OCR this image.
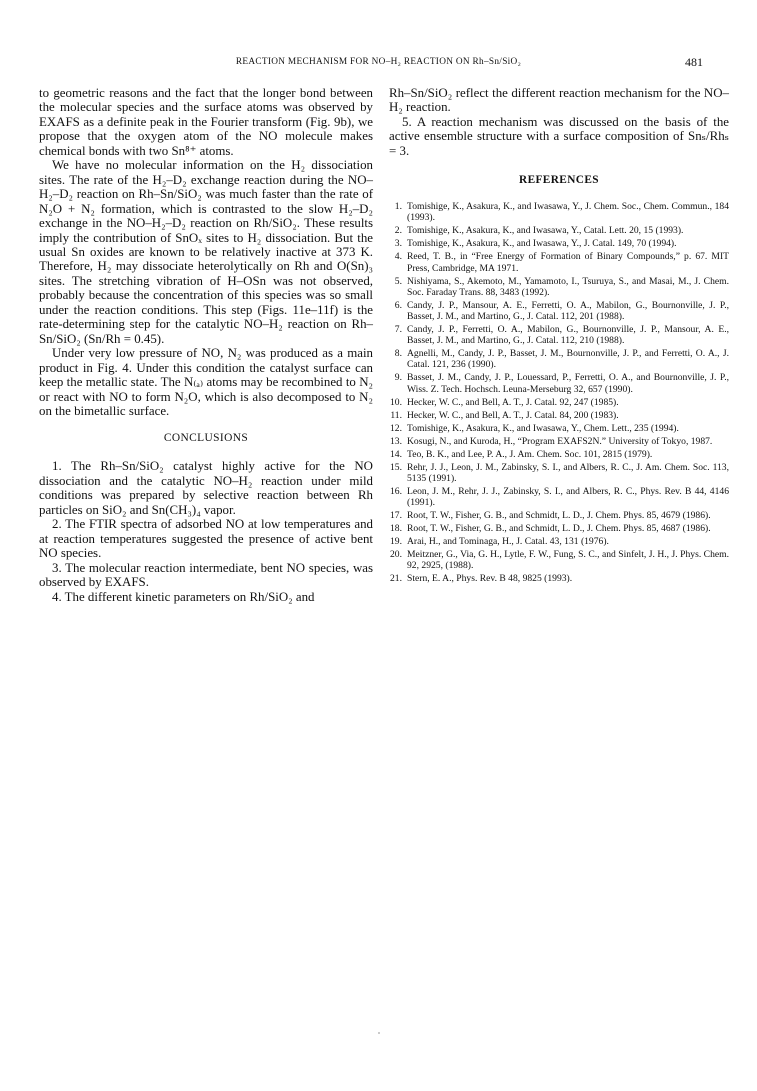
REACTION MECHANISM FOR NO–H₂ REACTION ON Rh–Sn/SiO₂	481

to geometric reasons and the fact that the longer bond between the molecular species and the surface atoms was observed by EXAFS as a definite peak in the Fourier transform (Fig. 9b), we propose that the oxygen atom of the NO molecule makes chemical bonds with two Sn⁸⁺ atoms.

We have no molecular information on the H₂ dissociation sites. The rate of the H₂–D₂ exchange reaction during the NO–H₂–D₂ reaction on Rh–Sn/SiO₂ was much faster than the rate of N₂O + N₂ formation, which is contrasted to the slow H₂–D₂ exchange in the NO–H₂–D₂ reaction on Rh/SiO₂. These results imply the contribution of SnOₓ sites to H₂ dissociation. But the usual Sn oxides are known to be relatively inactive at 373 K. Therefore, H₂ may dissociate heterolytically on Rh and O(Sn)₃ sites. The stretching vibration of H–OSn was not observed, probably because the concentration of this species was so small under the reaction conditions. This step (Figs. 11e–11f) is the rate-determining step for the catalytic NO–H₂ reaction on Rh–Sn/SiO₂ (Sn/Rh = 0.45).

Under very low pressure of NO, N₂ was produced as a main product in Fig. 4. Under this condition the catalyst surface can keep the metallic state. The N₍ₐ₎ atoms may be recombined to N₂ or react with NO to form N₂O, which is also decomposed to N₂ on the bimetallic surface.

CONCLUSIONS

1. The Rh–Sn/SiO₂ catalyst highly active for the NO dissociation and the catalytic NO–H₂ reaction under mild conditions was prepared by selective reaction between Rh particles on SiO₂ and Sn(CH₃)₄ vapor.

2. The FTIR spectra of adsorbed NO at low temperatures and at reaction temperatures suggested the presence of active bent NO species.

3. The molecular reaction intermediate, bent NO species, was observed by EXAFS.

4. The different kinetic parameters on Rh/SiO₂ and

Rh–Sn/SiO₂ reflect the different reaction mechanism for the NO–H₂ reaction.

5. A reaction mechanism was discussed on the basis of the active ensemble structure with a surface composition of Snₛ/Rhₛ = 3.

REFERENCES
1. Tomishige, K., Asakura, K., and Iwasawa, Y., J. Chem. Soc., Chem. Commun., 184 (1993).
2. Tomishige, K., Asakura, K., and Iwasawa, Y., Catal. Lett. 20, 15 (1993).
3. Tomishige, K., Asakura, K., and Iwasawa, Y., J. Catal. 149, 70 (1994).
4. Reed, T. B., in “Free Energy of Formation of Binary Compounds,” p. 67. MIT Press, Cambridge, MA 1971.
5. Nishiyama, S., Akemoto, M., Yamamoto, I., Tsuruya, S., and Masai, M., J. Chem. Soc. Faraday Trans. 88, 3483 (1992).
6. Candy, J. P., Mansour, A. E., Ferretti, O. A., Mabilon, G., Bournonville, J. P., Basset, J. M., and Martino, G., J. Catal. 112, 201 (1988).
7. Candy, J. P., Ferretti, O. A., Mabilon, G., Bournonville, J. P., Mansour, A. E., Basset, J. M., and Martino, G., J. Catal. 112, 210 (1988).
8. Agnelli, M., Candy, J. P., Basset, J. M., Bournonville, J. P., and Ferretti, O. A., J. Catal. 121, 236 (1990).
9. Basset, J. M., Candy, J. P., Louessard, P., Ferretti, O. A., and Bournonville, J. P., Wiss. Z. Tech. Hochsch. Leuna-Merseburg 32, 657 (1990).
10. Hecker, W. C., and Bell, A. T., J. Catal. 92, 247 (1985).
11. Hecker, W. C., and Bell, A. T., J. Catal. 84, 200 (1983).
12. Tomishige, K., Asakura, K., and Iwasawa, Y., Chem. Lett., 235 (1994).
13. Kosugi, N., and Kuroda, H., “Program EXAFS2N.” University of Tokyo, 1987.
14. Teo, B. K., and Lee, P. A., J. Am. Chem. Soc. 101, 2815 (1979).
15. Rehr, J. J., Leon, J. M., Zabinsky, S. I., and Albers, R. C., J. Am. Chem. Soc. 113, 5135 (1991).
16. Leon, J. M., Rehr, J. J., Zabinsky, S. I., and Albers, R. C., Phys. Rev. B 44, 4146 (1991).
17. Root, T. W., Fisher, G. B., and Schmidt, L. D., J. Chem. Phys. 85, 4679 (1986).
18. Root, T. W., Fisher, G. B., and Schmidt, L. D., J. Chem. Phys. 85, 4687 (1986).
19. Arai, H., and Tominaga, H., J. Catal. 43, 131 (1976).
20. Meitzner, G., Via, G. H., Lytle, F. W., Fung, S. C., and Sinfelt, J. H., J. Phys. Chem. 92, 2925, (1988).
21. Stern, E. A., Phys. Rev. B 48, 9825 (1993).
